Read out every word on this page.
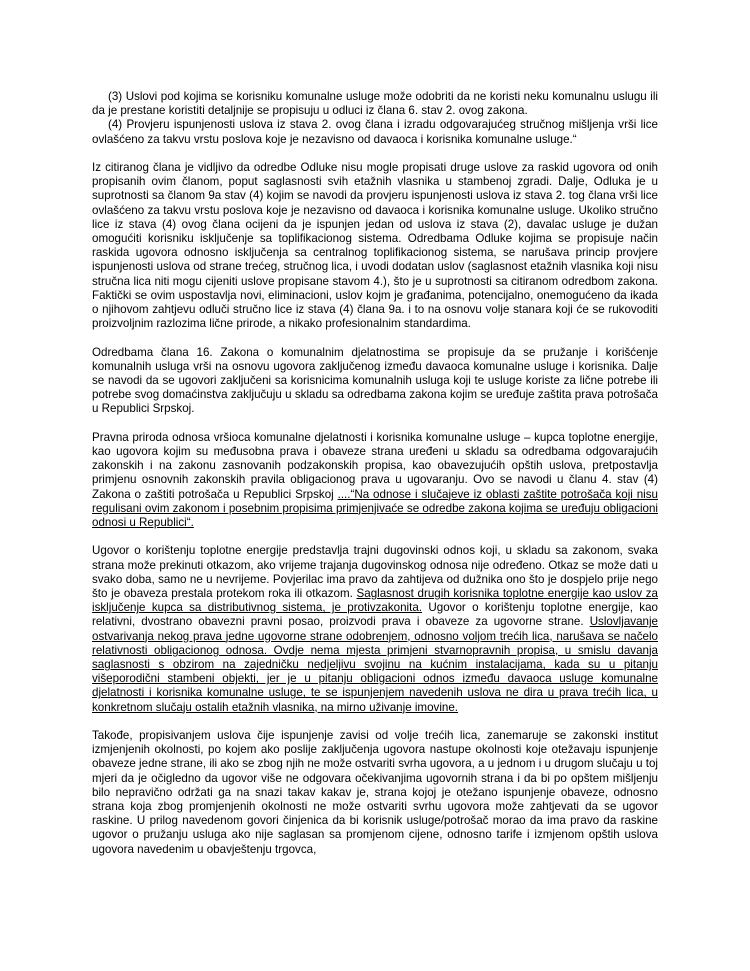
(3) Uslovi pod kojima se korisniku komunalne usluge može odobriti da ne koristi neku komunalnu uslugu ili da je prestane koristiti detaljnije se propisuju u odluci iz člana 6. stav 2. ovog zakona.

(4) Provjeru ispunjenosti uslova iz stava 2. ovog člana i izradu odgovarajućeg stručnog mišljenja vrši lice ovlašćeno za takvu vrstu poslova koje je nezavisno od davaoca i korisnika komunalne usluge.“

Iz citiranog člana je vidljivo da odredbe Odluke nisu mogle propisati druge uslove za raskid ugovora od onih propisanih ovim članom, poput saglasnosti svih etažnih vlasnika u stambenoj zgradi. Dalje, Odluka je u suprotnosti sa članom 9a stav (4) kojim se navodi da provjeru ispunjenosti uslova iz stava 2. tog člana vrši lice ovlašćeno za takvu vrstu poslova koje je nezavisno od davaoca i korisnika komunalne usluge. Ukoliko stručno lice iz stava (4) ovog člana ocijeni da je ispunjen jedan od uslova iz stava (2), davalac usluge je dužan omogućiti korisniku isključenje sa toplifikacionog sistema. Odredbama Odluke kojima se propisuje način raskida ugovora odnosno isključenja sa centralnog toplifikacionog sistema, se narušava princip provjere ispunjenosti uslova od strane trećeg, stručnog lica, i uvodi dodatan uslov (saglasnost etažnih vlasnika koji nisu stručna lica niti mogu cijeniti uslove propisane stavom 4.), što je u suprotnosti sa citiranom odredbom zakona. Faktički se ovim uspostavlja novi, eliminacioni, uslov kojm je građanima, potencijalno, onemogućeno da ikada o njihovom zahtjevu odluči stručno lice iz stava (4) člana 9a. i to na osnovu volje stanara koji će se rukovoditi proizvoljnim razlozima lične prirode, a nikako profesionalnim standardima.

Odredbama člana 16. Zakona o komunalnim djelatnostima se propisuje da se pružanje i korišćenje komunalnih usluga vrši na osnovu ugovora zaključenog između davaoca komunalne usluge i korisnika. Dalje se navodi da se ugovori zaključeni sa korisnicima komunalnih usluga koji te usluge koriste za lične potrebe ili potrebe svog domaćinstva zaključuju u skladu sa odredbama zakona kojim se uređuje zaštita prava potrošača u Republici Srpskoj.

Pravna priroda odnosa vršioca komunalne djelatnosti i korisnika komunalne usluge – kupca toplotne energije, kao ugovora kojim su međusobna prava i obaveze strana uređeni u skladu sa odredbama odgovarajućih zakonskih i na zakonu zasnovanih podzakonskih propisa, kao obavezujućih opštih uslova, pretpostavlja primjenu osnovnih zakonskih pravila obligacionog prava u ugovaranju. Ovo se navodi u članu 4. stav (4) Zakona o zaštiti potrošača u Republici Srpskoj ....“Na odnose i slučajeve iz oblasti zaštite potrošača koji nisu regulisani ovim zakonom i posebnim propisima primjenjivaće se odredbe zakona kojima se uređuju obligacioni odnosi u Republici“.

Ugovor o korištenju toplotne energije predstavlja trajni dugovinski odnos koji, u skladu sa zakonom, svaka strana može prekinuti otkazom, ako vrijeme trajanja dugovinskog odnosa nije određeno. Otkaz se može dati u svako doba, samo ne u nevrijeme. Povjerilac ima pravo da zahtijeva od dužnika ono što je dospjelo prije nego što je obaveza prestala protekom roka ili otkazom. Saglasnost drugih korisnika toplotne energije kao uslov za isključenje kupca sa distributivnog sistema, je protivzakonita. Ugovor o korištenju toplotne energije, kao relativni, dvostrano obavezni pravni posao, proizvodi prava i obaveze za ugovorne strane. Uslovljavanje ostvarivanja nekog prava jedne ugovorne strane odobrenjem, odnosno voljom trećih lica, narušava se načelo relativnosti obligacionog odnosa. Ovdje nema mjesta primjeni stvarnopravnih propisa, u smislu davanja saglasnosti s obzirom na zajedničku nedjeljivu svojinu na kućnim instalacijama, kada su u pitanju višeporodični stambeni objekti, jer je u pitanju obligacioni odnos između davaoca usluge komunalne djelatnosti i korisnika komunalne usluge, te se ispunjenjem navedenih uslova ne dira u prava trećih lica, u konkretnom slučaju ostalih etažnih vlasnika, na mirno uživanje imovine.

Takođe, propisivanjem uslova čije ispunjenje zavisi od volje trećih lica, zanemaruje se zakonski institut izmjenjenih okolnosti, po kojem ako poslije zaključenja ugovora nastupe okolnosti koje otežavaju ispunjenje obaveze jedne strane, ili ako se zbog njih ne može ostvariti svrha ugovora, a u jednom i u drugom slučaju u toj mjeri da je očigledno da ugovor više ne odgovara očekivanjima ugovornih strana i da bi po opštem mišljenju bilo nepravično održati ga na snazi takav kakav je, strana kojoj je otežano ispunjenje obaveze, odnosno strana koja zbog promjenjenih okolnosti ne može ostvariti svrhu ugovora može zahtjevati da se ugovor raskine. U prilog navedenom govori činjenica da bi korisnik usluge/potrošač morao da ima pravo da raskine ugovor o pružanju usluga ako nije saglasan sa promjenom cijene, odnosno tarife i izmjenom opštih uslova ugovora navedenim u obavještenju trgovca,
